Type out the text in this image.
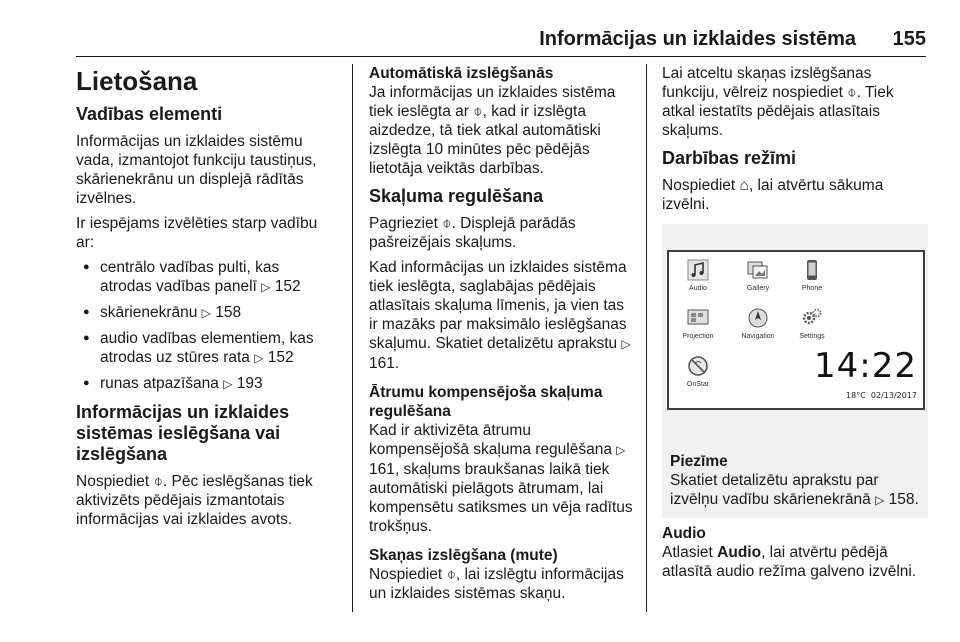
Informācijas un izklaides sistēma 155
Lietošana
Vadības elementi
Informācijas un izklaides sistēmu vada, izmantojot funkciju taustiņus, skārienekrānu un displejā rādītās izvēlnes.
Ir iespējams izvēlēties starp vadību ar:
● centrālo vadības pulti, kas atrodas vadības panelī ▷ 152
● skārienekrānu ▷ 158
● audio vadības elementiem, kas atrodas uz stūres rata ▷ 152
● runas atpazīšana ▷ 193
Informācijas un izklaides sistēmas ieslēgšana vai izslēgšana
Nospiediet ⌽. Pēc ieslēgšanas tiek aktivizēts pēdējais izmantotais informācijas vai izklaides avots.
Automātiskā izslēgšanās
Ja informācijas un izklaides sistēma tiek ieslēgta ar ⌽, kad ir izslēgta aizdedze, tā tiek atkal automātiski izslēgta 10 minūtes pēc pēdējās lietotāja veiktās darbības.
Skaļuma regulēšana
Pagrieziet ⌽. Displejā parādās pašreizējais skaļums.
Kad informācijas un izklaides sistēma tiek ieslēgta, saglabājas pēdējais atlasītais skaļuma līmenis, ja vien tas ir mazāks par maksimālo ieslēgšanas skaļumu. Skatiet detalizētu aprakstu ▷ 161.
Ātrumu kompensējoša skaļuma regulēšana
Kad ir aktivizēta ātrumu kompensējošā skaļuma regulēšana ▷ 161, skaļums braukšanas laikā tiek automātiski pielāgots ātrumam, lai kompensētu satiksmes un vēja radītus trokšņus.
Skaņas izslēgšana (mute)
Nospiediet ⌽, lai izslēgtu informācijas un izklaides sistēmas skaņu.
Lai atceltu skaņas izslēgšanas funkciju, vēlreiz nospiediet ⌽. Tiek atkal iestatīts pēdējais atlasītais skaļums.
Darbības režīmi
Nospiediet ⌂, lai atvērtu sākuma izvēlni.
Audio	Gallery	Phone
Projection	Navigation	Settings
OnStar	14:22
18°C 02/13/2017
Piezīme
Skatiet detalizētu aprakstu par izvēlņu vadību skārienekrānā ▷ 158.
Audio
Atlasiet Audio, lai atvērtu pēdējā atlasītā audio režīma galveno izvēlni.
